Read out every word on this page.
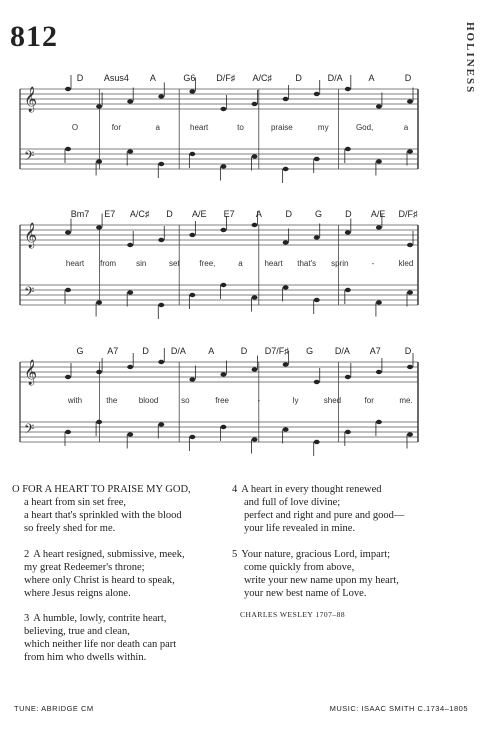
812	HOLINESS
𝄞
𝄢
D Asus4 A	G6 D/F♯ A/C♯	D	D/A	A	D
O	for	a	heart	to	praise	my	God,	a
𝄞
𝄢
Bm7 E7 A/C♯ D A/E E7 A	D	G	D A/E D/F♯
heart from sin	set free,	a	heart that's sprin	-	kled
𝄞
𝄢
G	A7	D D/A A	D D7/F♯ G D/A A7	D
with	the	blood	so	free	-	ly	shed	for	me.
O FOR A HEART TO PRAISE MY GOD,
a heart from sin set free,
a heart that's sprinkled with the blood
so freely shed for me.
2 A heart resigned, submissive, meek,
my great Redeemer's throne;
where only Christ is heard to speak,
where Jesus reigns alone.
3 A humble, lowly, contrite heart,
believing, true and clean,
which neither life nor death can part
from him who dwells within.
4 A heart in every thought renewed
and full of love divine;
perfect and right and pure and good—
your life revealed in mine.
5 Your nature, gracious Lord, impart;
come quickly from above,
write your new name upon my heart,
your new best name of Love.
CHARLES WESLEY 1707–88
TUNE: ABRIDGE CM	MUSIC: ISAAC SMITH C.1734–1805
